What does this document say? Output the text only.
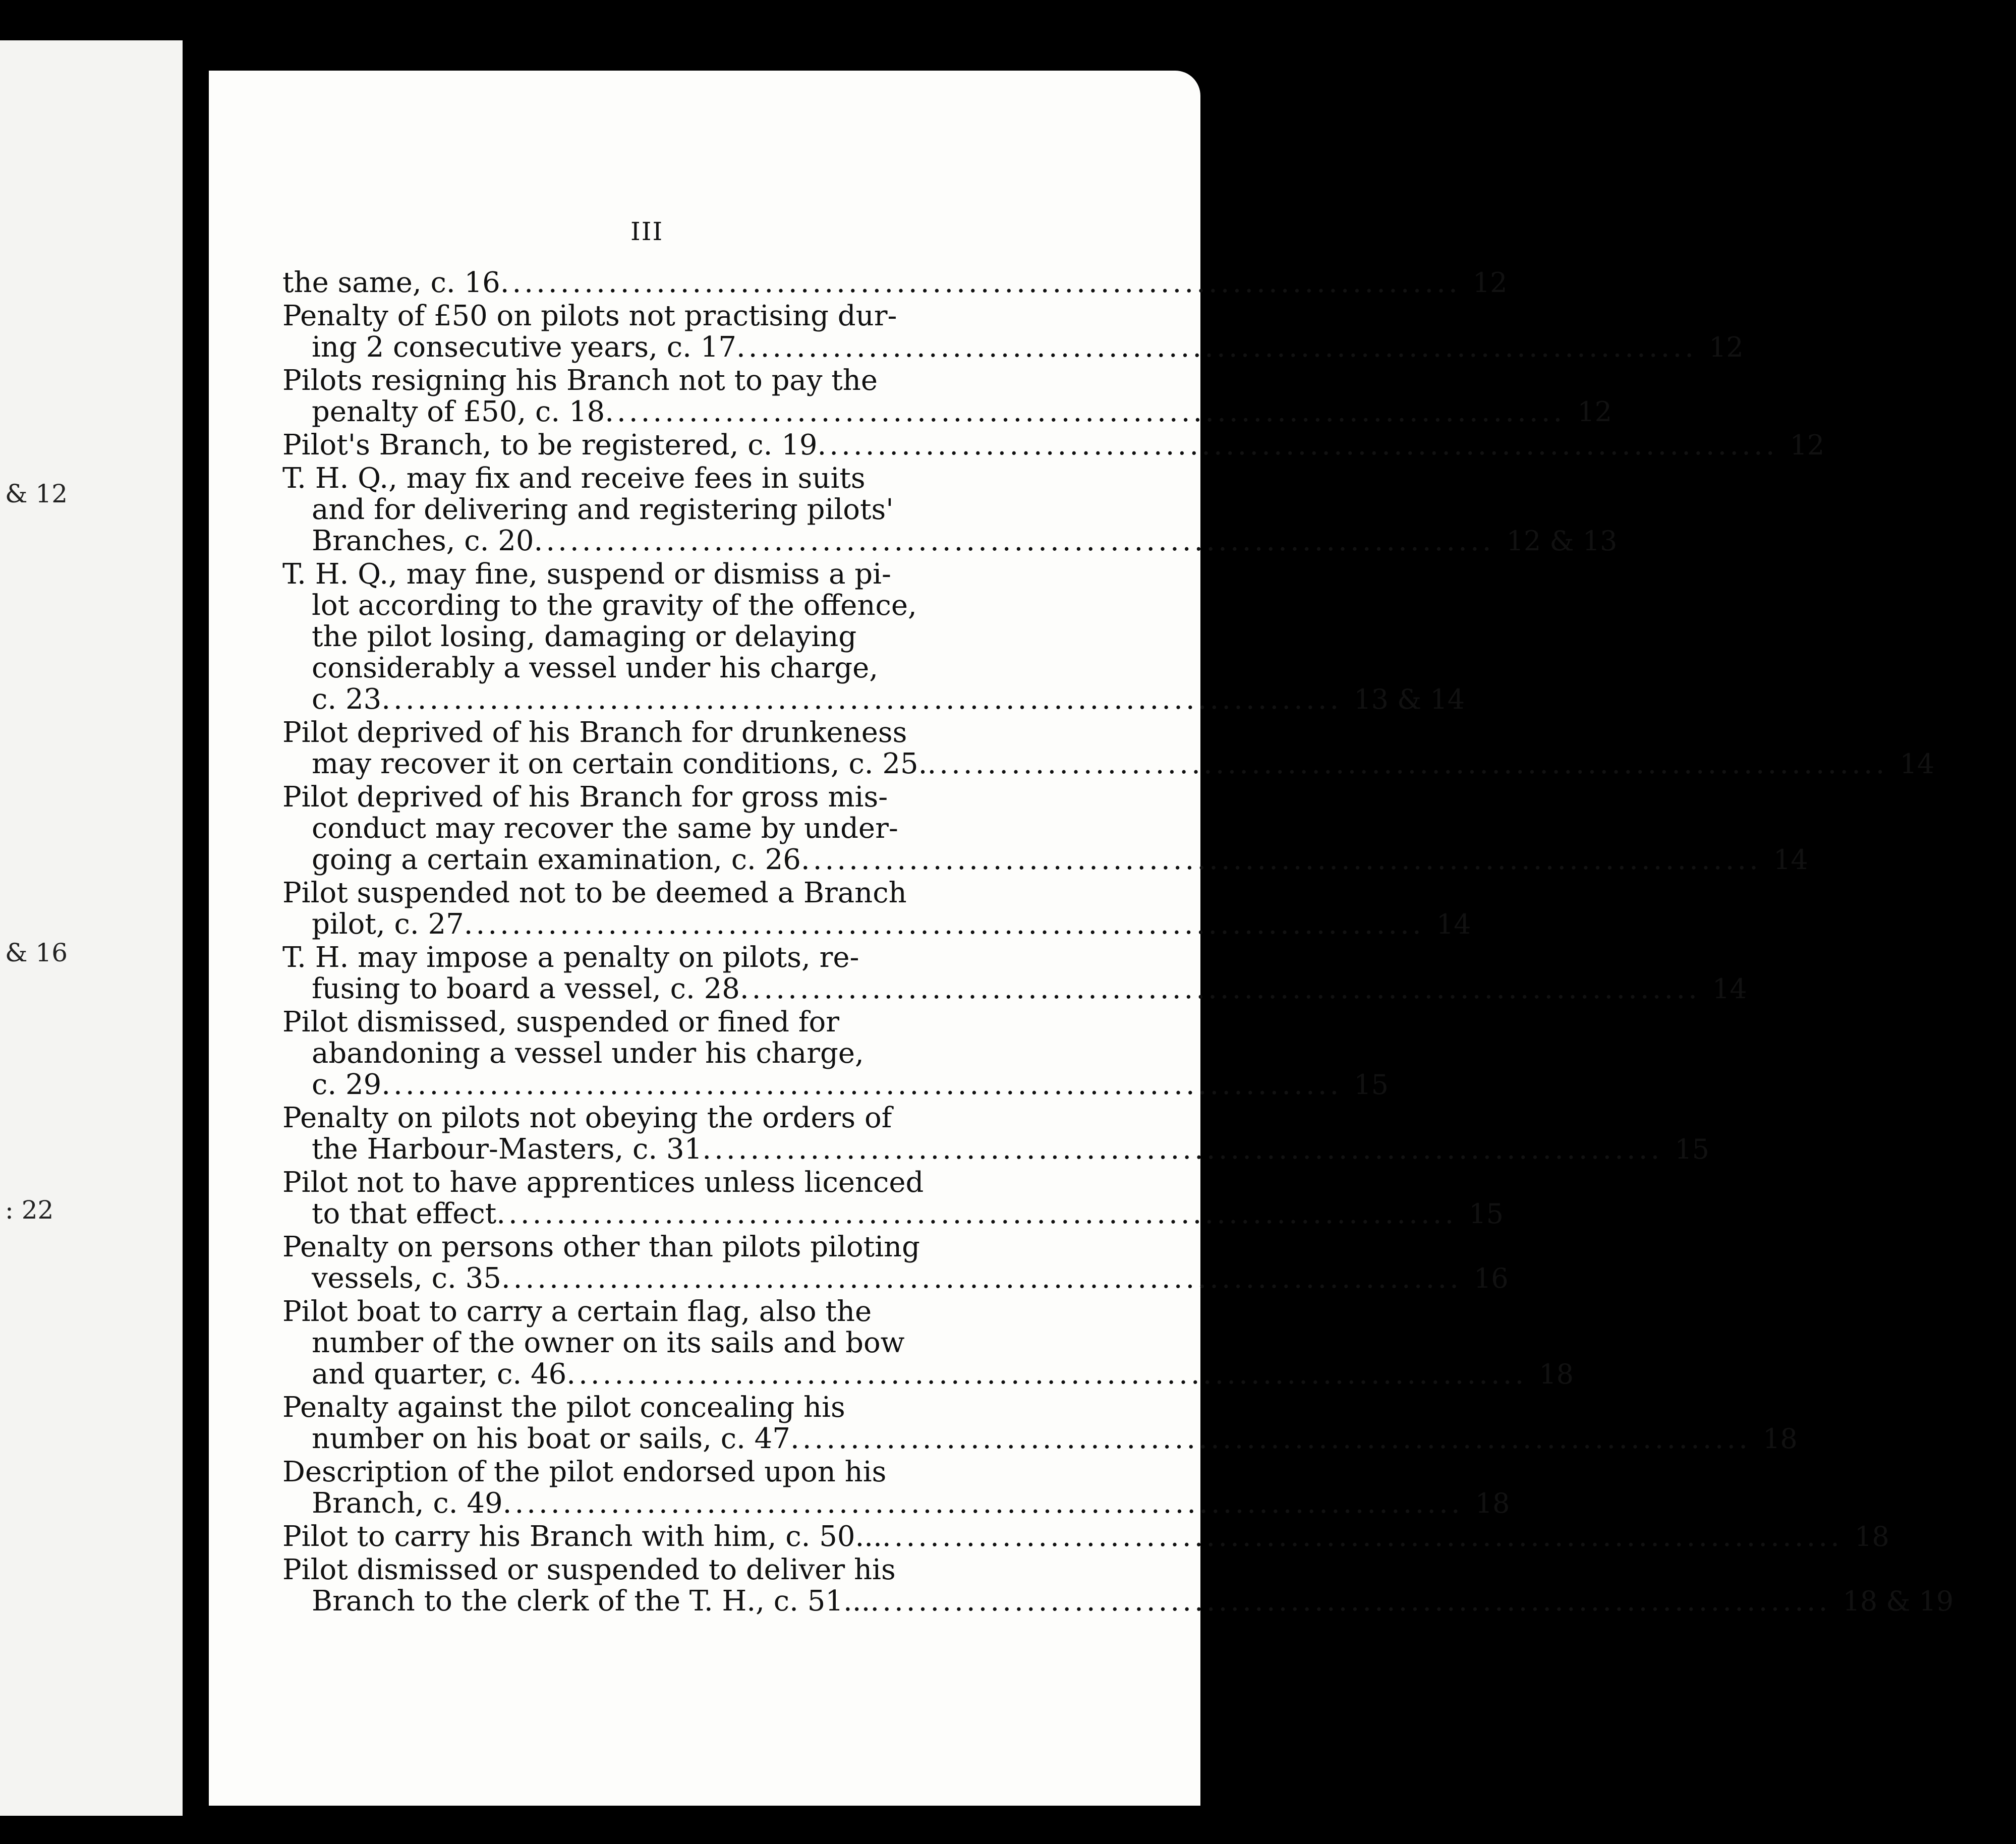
& 12
& 16
: 22
III
the same, c. 16................................................................................ 12
Penalty of £50 on pilots not practising dur-
ing 2 consecutive years, c. 17................................................................................ 12
Pilots resigning his Branch not to pay the
penalty of £50, c. 18................................................................................ 12
Pilot's Branch, to be registered, c. 19................................................................................ 12
T. H. Q., may fix and receive fees in suits
and for delivering and registering pilots'
Branches, c. 20................................................................................ 12 & 13
T. H. Q., may fine, suspend or dismiss a pi-
lot according to the gravity of the offence,
the pilot losing, damaging or delaying
considerably a vessel under his charge,
c. 23................................................................................ 13 & 14
Pilot deprived of his Branch for drunkeness
may recover it on certain conditions, c. 25................................................................................. 14
Pilot deprived of his Branch for gross mis-
conduct may recover the same by under-
going a certain examination, c. 26................................................................................ 14
Pilot suspended not to be deemed a Branch
pilot, c. 27................................................................................ 14
T. H. may impose a penalty on pilots, re-
fusing to board a vessel, c. 28................................................................................ 14
Pilot dismissed, suspended or fined for
abandoning a vessel under his charge,
c. 29................................................................................ 15
Penalty on pilots not obeying the orders of
the Harbour-Masters, c. 31................................................................................ 15
Pilot not to have apprentices unless licenced
to that effect................................................................................ 15
Penalty on persons other than pilots piloting
vessels, c. 35................................................................................ 16
Pilot boat to carry a certain flag, also the
number of the owner on its sails and bow
and quarter, c. 46................................................................................ 18
Penalty against the pilot concealing his
number on his boat or sails, c. 47................................................................................ 18
Description of the pilot endorsed upon his
Branch, c. 49................................................................................ 18
Pilot to carry his Branch with him, c. 50................................................................................... 18
Pilot dismissed or suspended to deliver his
Branch to the clerk of the T. H., c. 51................................................................................... 18 & 19
